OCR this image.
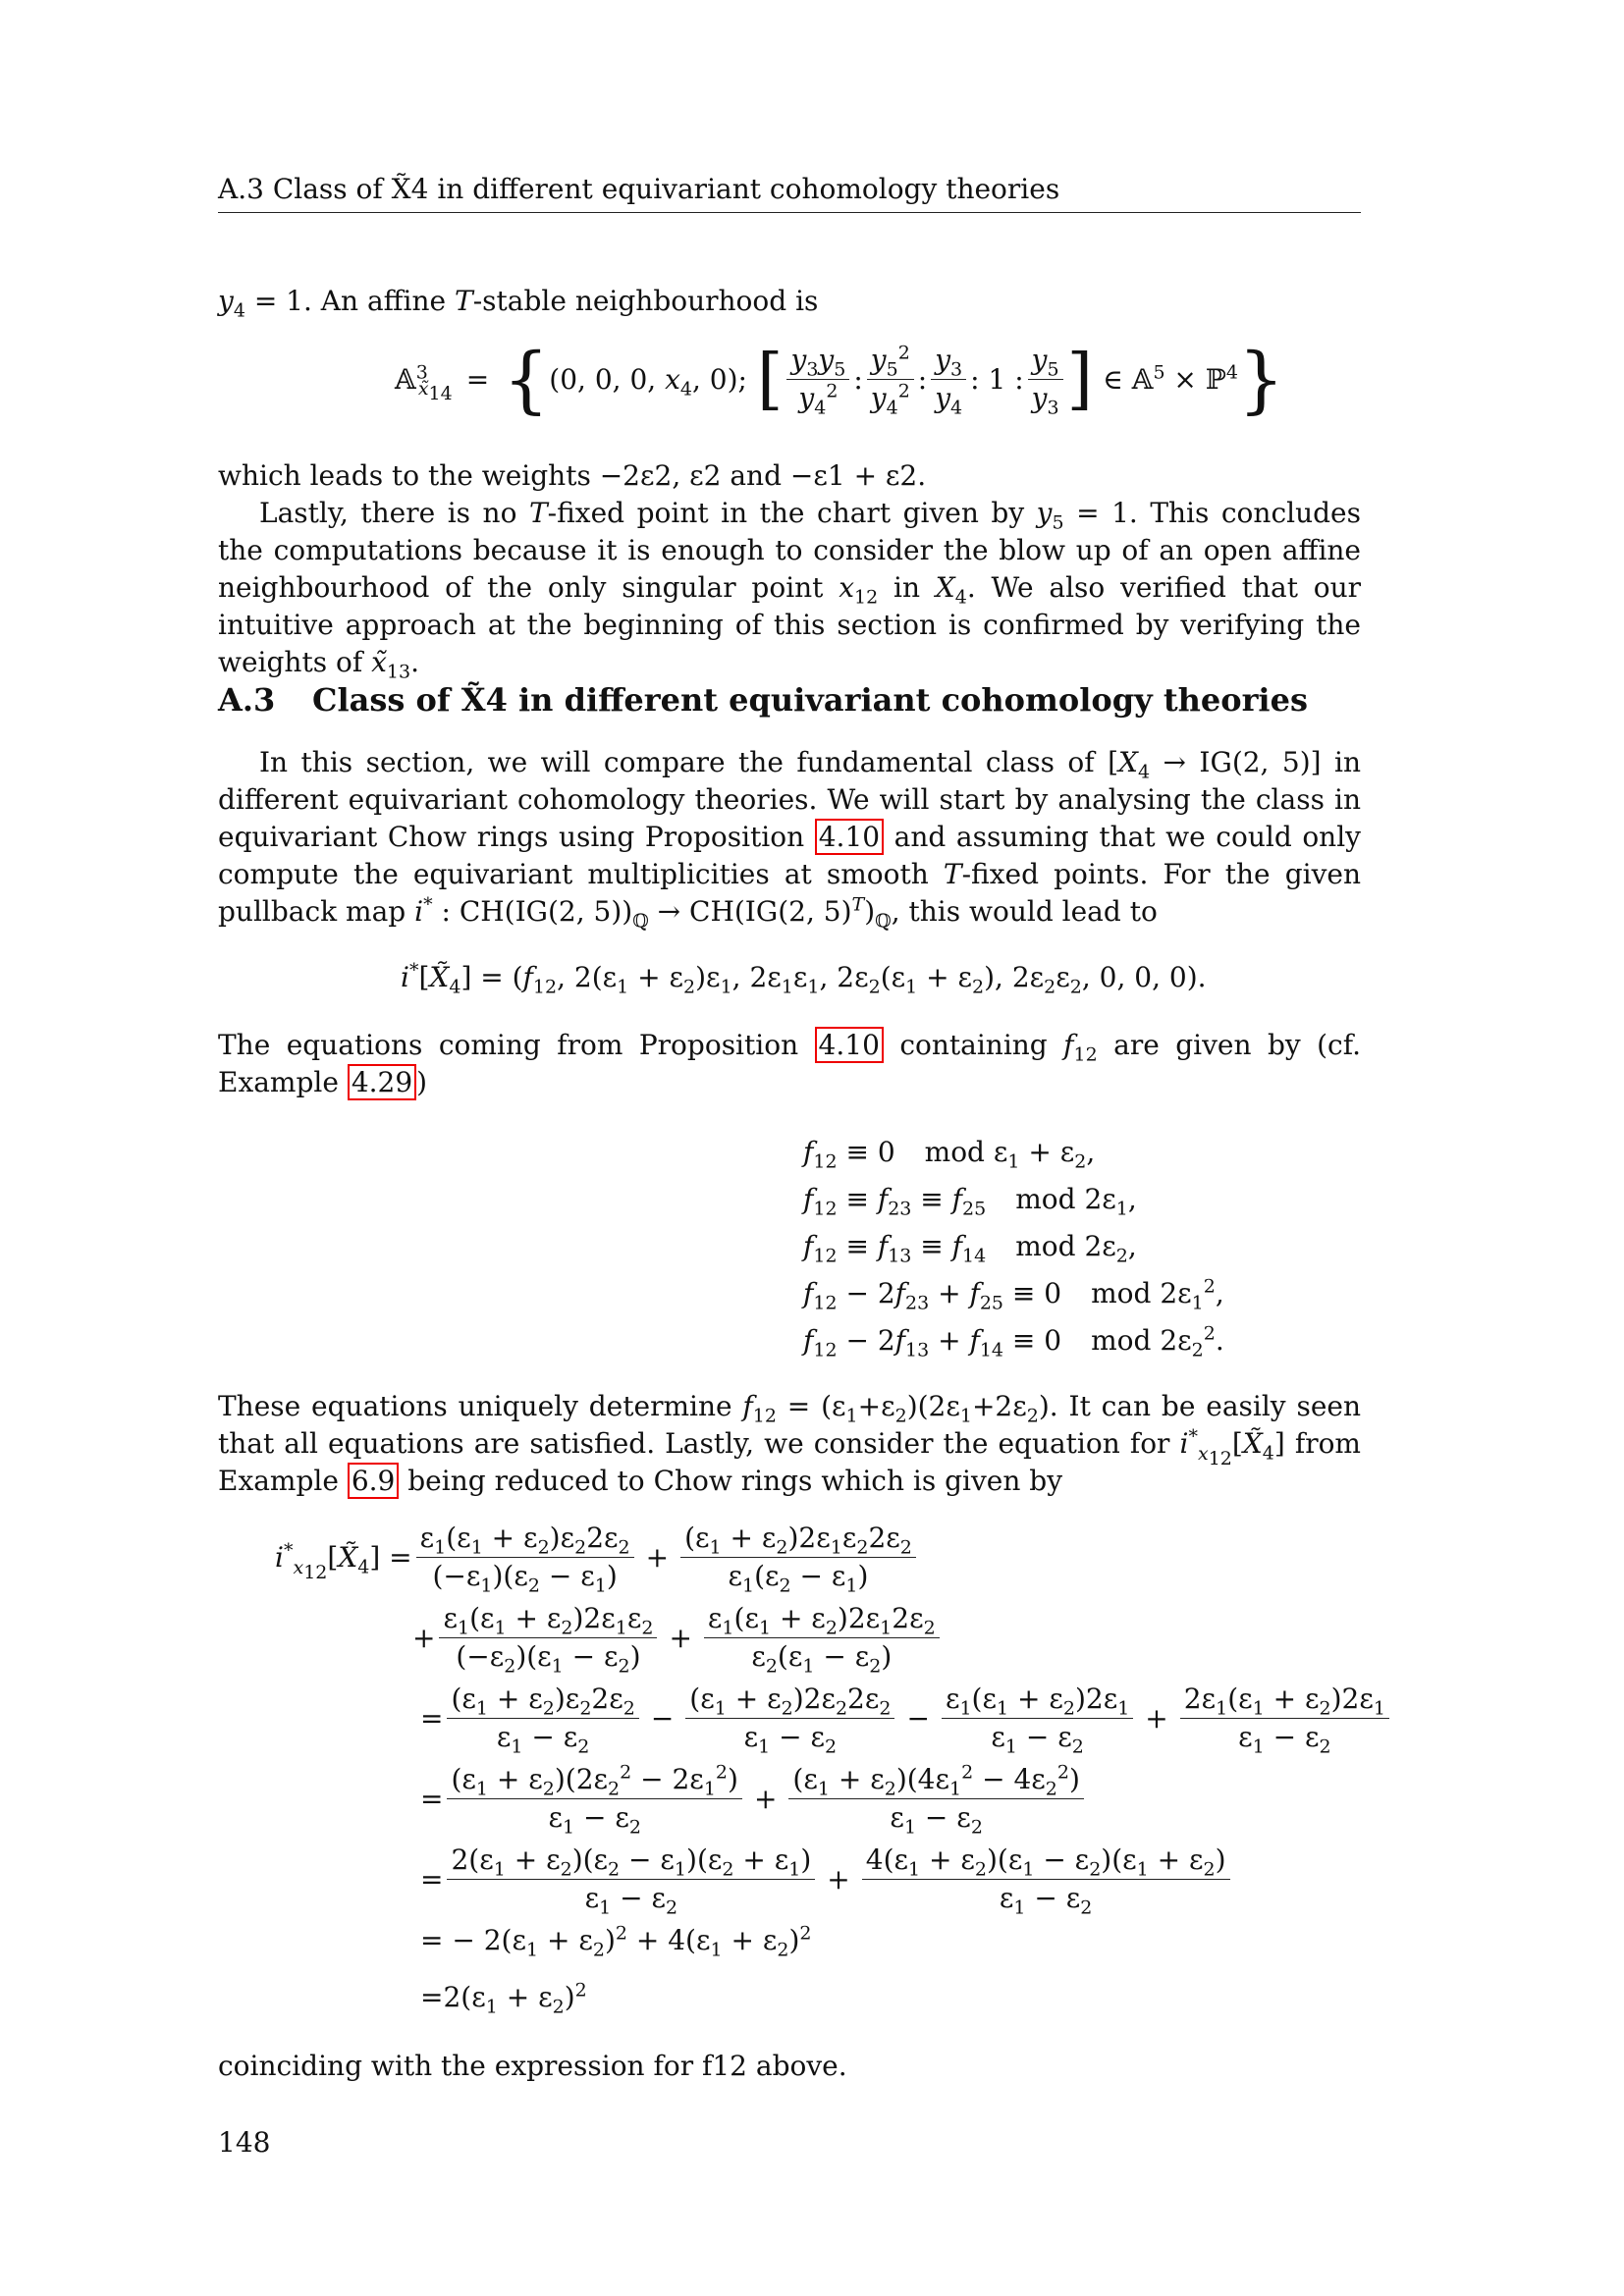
A.3 Class of X̃4 in different equivariant cohomology theories

$y_4 = 1$. An affine T-stable neighbourhood is

𝔸$^3_{x̃_{14}}$ = { (0, 0, 0, $x_4$, 0); [ $\frac{y_3y_5}{y_4^2}$ : $\frac{y_5^2}{y_4^2}$ : $\frac{y_3}{y_4}$ : 1 : $\frac{y_5}{y_3}$ ] ∈ 𝔸$^5$ × ℙ$^4$ }

which leads to the weights −2ε2, ε2 and −ε1 + ε2.

Lastly, there is no T-fixed point in the chart given by $y_5 = 1$. This concludes the computations because it is enough to consider the blow up of an open affine neighbourhood of the only singular point $x_{12}$ in $X_4$. We also verified that our intuitive approach at the beginning of this section is confirmed by verifying the weights of $x̃_{13}$.

A.3 Class of X̃4 in different equivariant cohomology theories

In this section, we will compare the fundamental class of [$X_4 \to IG(2$, 5)] in different equivariant cohomology theories. We will start by analysing the class in equivariant Chow rings using Proposition 4.10 and assuming that we could only compute the equivariant multiplicities at smooth T-fixed points. For the given pullback map i* : CH(IG(2, $5))_ℚ \to CH(IG(2$, $5)^T)_ℚ$, this would lead to

$i^*[X̃_4] = (f_{12}$, $2(\varepsilon_1 + \varepsilon_2)\varepsilon_1$, $2\varepsilon_1\varepsilon_1$, $2\varepsilon_2(\varepsilon_1 + \varepsilon_2)$, $2\varepsilon_2\varepsilon_2$, 0, 0, 0).

The equations coming from Proposition 4.10 containing $f_{12}$ are given by (cf. Example 4.29 )

$f_{12} \equiv 0$ mod $\varepsilon_1 + \varepsilon_2$,
$f_{12} \equiv f_{23} \equiv f_{25}$ mod $2\varepsilon_1$,
$f_{12} \equiv f_{13} \equiv f_{14}$ mod $2\varepsilon_2$,
$f_{12} - 2f_{23} + f_{25} \equiv 0$ mod $2\varepsilon_1^2$,
$f_{12} - 2f_{13} + f_{14} \equiv 0$ mod $2\varepsilon_2^2$.

These equations uniquely determine $f_{12} = (\varepsilon_1+\varepsilon_2)(2\varepsilon_1+2\varepsilon_2)$. It can be easily seen that all equations are satisfied. Lastly, we consider the equation for $i^*_{x_{12}}[X̃_4]$ from Example 6.9 being reduced to Chow rings which is given by

$i^*_{x_{12}}[X̃_4] = \frac{\varepsilon_1(\varepsilon_1 + \varepsilon_2)\varepsilon_22\varepsilon_2}{(-\varepsilon_1)(\varepsilon_2 - \varepsilon_1)} + \frac{(\varepsilon_1 + \varepsilon_2)2\varepsilon_1\varepsilon_22\varepsilon_2}{\varepsilon_1(\varepsilon_2 - \varepsilon_1)}$
+ $\frac{\varepsilon_1(\varepsilon_1 + \varepsilon_2)2\varepsilon_1\varepsilon_2}{(-\varepsilon_2)(\varepsilon_1 - \varepsilon_2)} + \frac{\varepsilon_1(\varepsilon_1 + \varepsilon_2)2\varepsilon_12\varepsilon_2}{\varepsilon_2(\varepsilon_1 - \varepsilon_2)}$
= $\frac{(\varepsilon_1 + \varepsilon_2)\varepsilon_22\varepsilon_2}{\varepsilon_1 - \varepsilon_2} - \frac{(\varepsilon_1 + \varepsilon_2)2\varepsilon_22\varepsilon_2}{\varepsilon_1 - \varepsilon_2} - \frac{\varepsilon_1(\varepsilon_1 + \varepsilon_2)2\varepsilon_1}{\varepsilon_1 - \varepsilon_2} + \frac{2\varepsilon_1(\varepsilon_1 + \varepsilon_2)2\varepsilon_1}{\varepsilon_1 - \varepsilon_2}$
= $\frac{(\varepsilon_1 + \varepsilon_2)(2\varepsilon_2^2 - 2\varepsilon_1^2)}{\varepsilon_1 - \varepsilon_2} + \frac{(\varepsilon_1 + \varepsilon_2)(4\varepsilon_1^2 - 4\varepsilon_2^2)}{\varepsilon_1 - \varepsilon_2}$
= $\frac{2(\varepsilon_1 + \varepsilon_2)(\varepsilon_2 - \varepsilon_1)(\varepsilon_2 + \varepsilon_1)}{\varepsilon_1 - \varepsilon_2} + \frac{4(\varepsilon_1 + \varepsilon_2)(\varepsilon_1 - \varepsilon_2)(\varepsilon_1 + \varepsilon_2)}{\varepsilon_1 - \varepsilon_2}$
= − $2(\varepsilon_1 + \varepsilon_2)^2 + 4(\varepsilon_1 + \varepsilon_2)^2$
$=2(\varepsilon_1 + \varepsilon_2)^2$

coinciding with the expression for f12 above.

148
